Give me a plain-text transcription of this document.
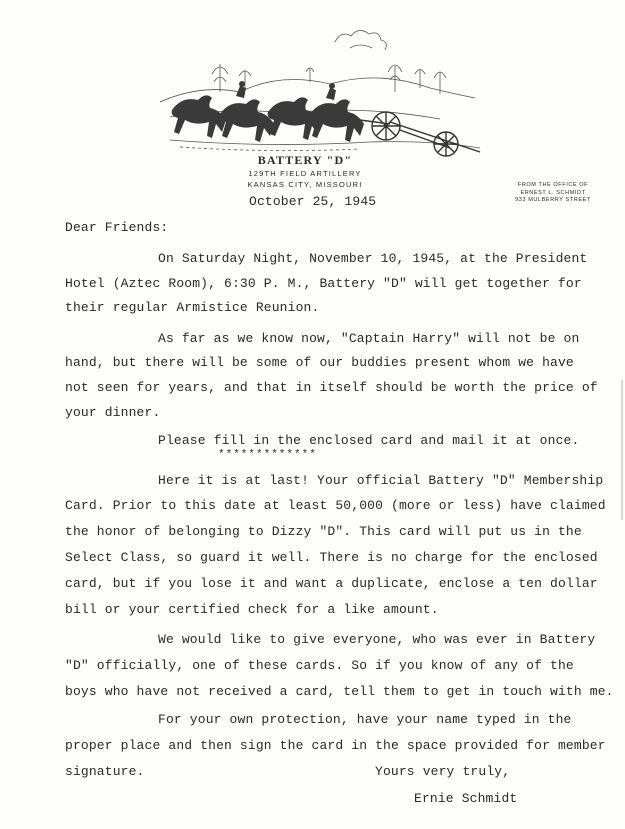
BATTERY "D"
129TH FIELD ARTILLERY
KANSAS CITY, MISSOURI	FROM THE OFFICE OF
ERNEST L. SCHMIDT
933 MULBERRY STREET
October 25, 1945
Dear Friends:
On Saturday Night, November 10, 1945, at the President
Hotel (Aztec Room), 6:30 P. M., Battery "D" will get together for
their regular Armistice Reunion.
As far as we know now, "Captain Harry" will not be on
hand, but there will be some of our buddies present whom we have
not seen for years, and that in itself should be worth the price of
your dinner.
Please fill in the enclosed card and mail it at once.
*************
Here it is at last! Your official Battery "D" Membership
Card. Prior to this date at least 50,000 (more or less) have claimed
the honor of belonging to Dizzy "D". This card will put us in the
Select Class, so guard it well. There is no charge for the enclosed
card, but if you lose it and want a duplicate, enclose a ten dollar
bill or your certified check for a like amount.
We would like to give everyone, who was ever in Battery
"D" officially, one of these cards. So if you know of any of the
boys who have not received a card, tell them to get in touch with me.
For your own protection, have your name typed in the
proper place and then sign the card in the space provided for member
signature.	Yours very truly,
Ernie Schmidt
